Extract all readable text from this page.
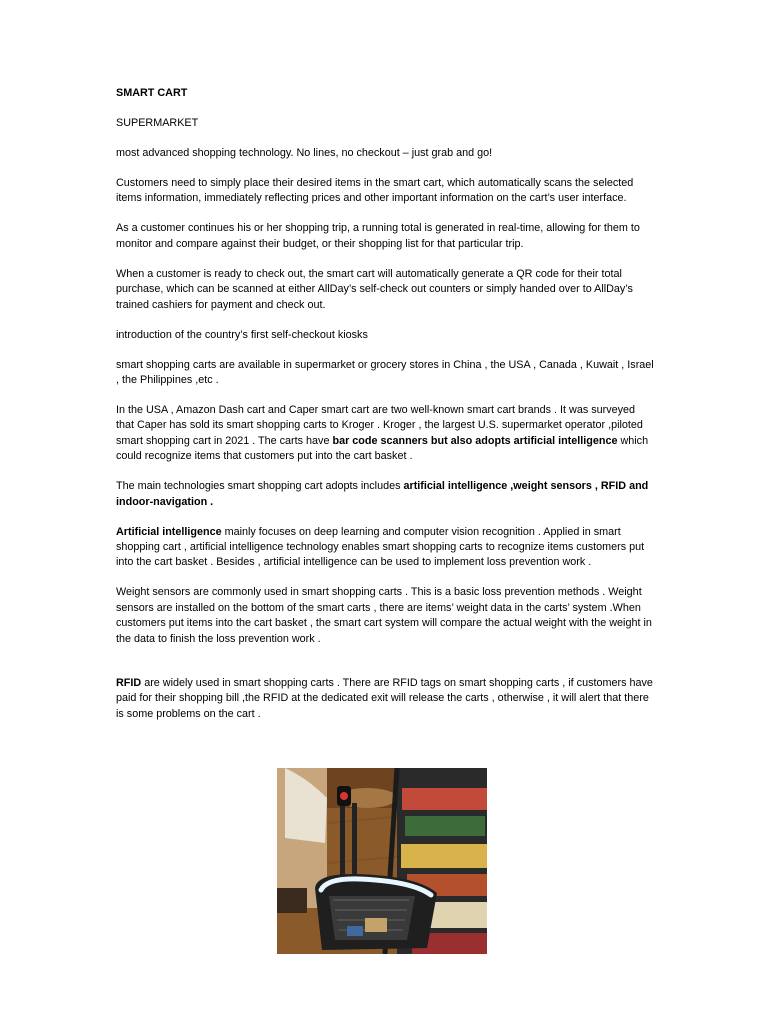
SMART CART

SUPERMARKET

most advanced shopping technology. No lines, no checkout – just grab and go!

Customers need to simply place their desired items in the smart cart, which automatically scans the selected items information, immediately reflecting prices and other important information on the cart’s user interface.

As a customer continues his or her shopping trip, a running total is generated in real-time, allowing for them to monitor and compare against their budget, or their shopping list for that particular trip.

When a customer is ready to check out, the smart cart will automatically generate a QR code for their total purchase, which can be scanned at either AllDay’s self-check out counters or simply handed over to AllDay’s trained cashiers for payment and check out.

introduction of the country’s first self-checkout kiosks

smart shopping carts are available in supermarket or grocery stores in China , the USA , Canada , Kuwait , Israel , the Philippines ,etc .

In the USA , Amazon Dash cart and Caper smart cart are two well-known smart cart brands . It was surveyed that Caper has sold its smart shopping carts to Kroger . Kroger , the largest U.S. supermarket operator ,piloted smart shopping cart in 2021 . The carts have bar code scanners but also adopts artificial intelligence which could recognize items that customers put into the cart basket .

The main technologies smart shopping cart adopts includes artificial intelligence ,weight sensors , RFID and indoor-navigation .

Artificial intelligence mainly focuses on deep learning and computer vision recognition . Applied in smart shopping cart , artificial intelligence technology enables smart shopping carts to recognize items customers put into the cart basket . Besides , artificial intelligence can be used to implement loss prevention work .

Weight sensors are commonly used in smart shopping carts . This is a basic loss prevention methods . Weight sensors are installed on the bottom of the smart carts , there are items’ weight data in the carts’ system .When customers put items into the cart basket , the smart cart system will compare the actual weight with the weight in the data to finish the loss prevention work .

RFID are widely used in smart shopping carts . There are RFID tags on smart shopping carts , if customers have paid for their shopping bill ,the RFID at the dedicated exit will release the carts , otherwise , it will alert that there is some problems on the cart .
